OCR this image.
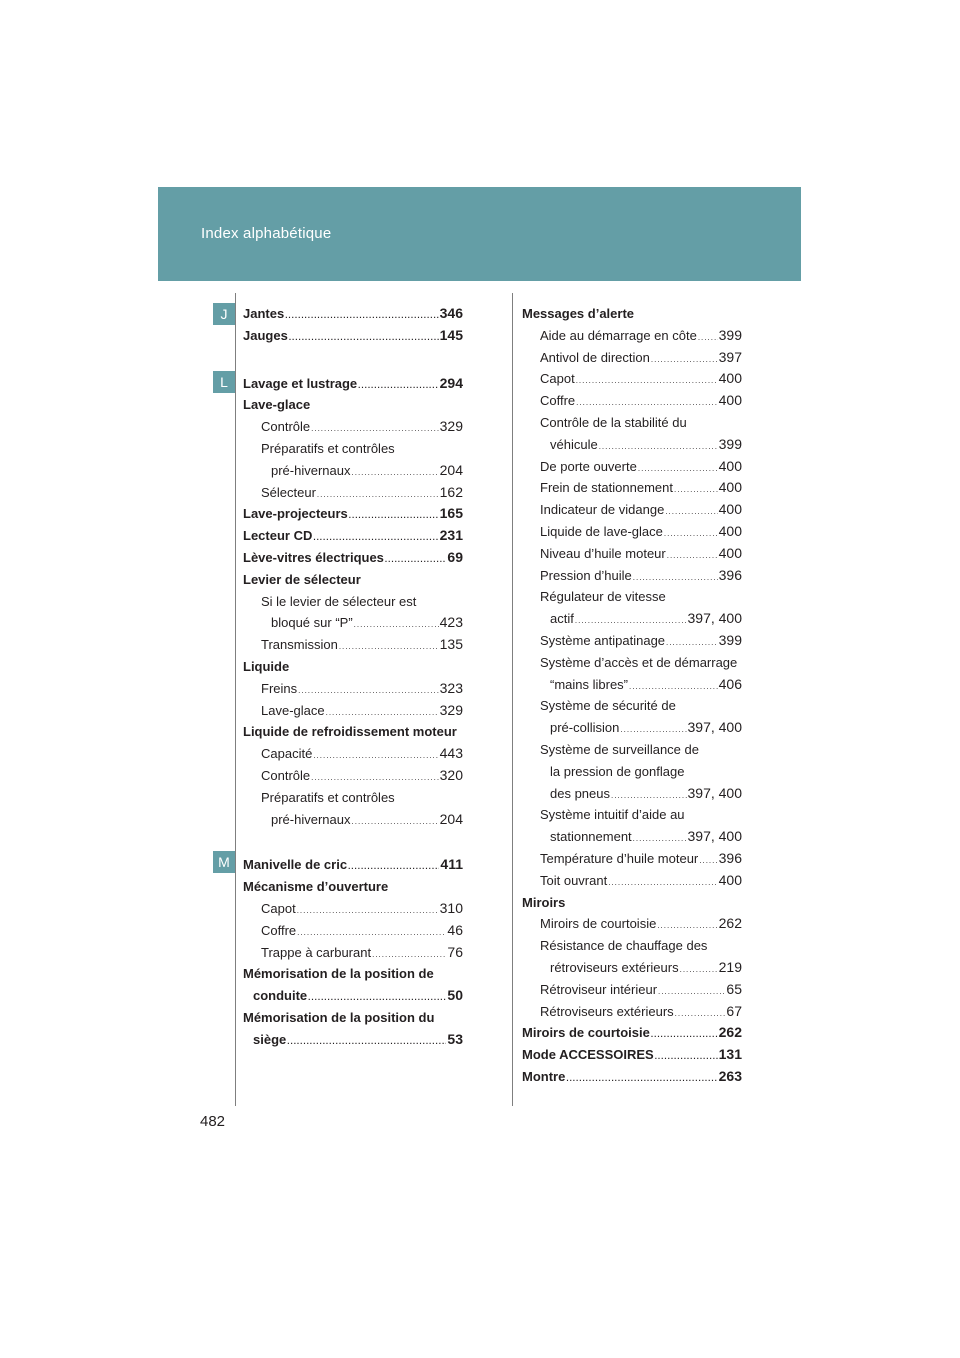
Index alphabétique
J
L
M
Jantes .....	346
Jauges .....	145
Lavage et lustrage .....	294
Lave-glace
Contrôle .....	329
Préparatifs et contrôles
pré-hivernaux .....	204
Sélecteur .....	162
Lave-projecteurs .....	165
Lecteur CD .....	231
Lève-vitres électriques .....	69
Levier de sélecteur
Si le levier de sélecteur est
bloqué sur “P” .....	423
Transmission .....	135
Liquide
Freins .....	323
Lave-glace .....	329
Liquide de refroidissement moteur
Capacité .....	443
Contrôle .....	320
Préparatifs et contrôles
pré-hivernaux .....	204
Manivelle de cric .....	411
Mécanisme d’ouverture
Capot .....	310
Coffre .....	46
Trappe à carburant .....	76
Mémorisation de la position de
conduite .....	50
Mémorisation de la position du
siège .....	53
Messages d’alerte
Aide au démarrage en côte ..... 399
Antivol de direction .....	397
Capot .....	400
Coffre .....	400
Contrôle de la stabilité du
véhicule .....	399
De porte ouverte .....	400
Frein de stationnement .....	400
Indicateur de vidange .....	400
Liquide de lave-glace .....	400
Niveau d’huile moteur .....	400
Pression d’huile .....	396
Régulateur de vitesse
actif .....	397, 400
Système antipatinage .....	399
Système d’accès et de démarrage
“mains libres” .....	406
Système de sécurité de
pré-collision .....	397, 400
Système de surveillance de
la pression de gonflage
des pneus .....	397, 400
Système intuitif d’aide au
stationnement .....	397, 400
Température d’huile moteur ..... 396
Toit ouvrant .....	400
Miroirs
Miroirs de courtoisie .....	262
Résistance de chauffage des
rétroviseurs extérieurs .....	219
Rétroviseur intérieur .....	65
Rétroviseurs extérieurs .....	67
Miroirs de courtoisie .....	262
Mode ACCESSOIRES .....	131
Montre .....	263
482
